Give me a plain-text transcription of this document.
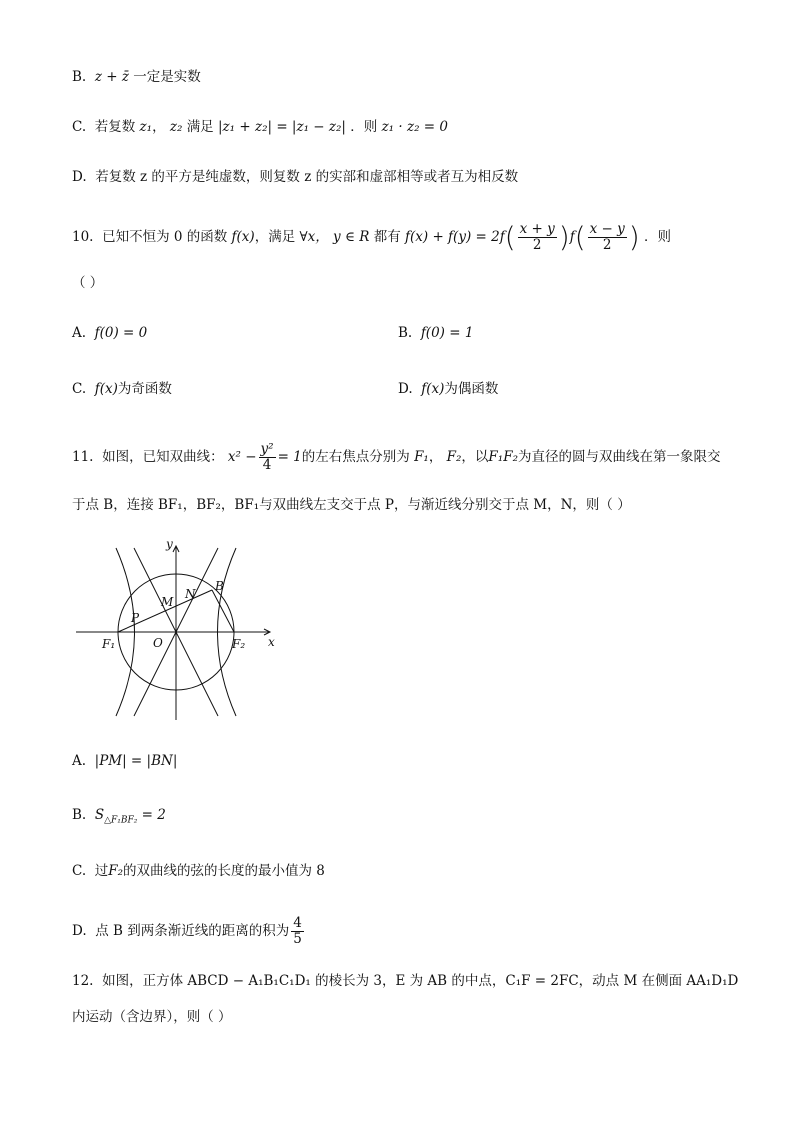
B. z + z̄ 一定是实数
C. 若复数 z₁， z₂ 满足 |z₁ + z₂| = |z₁ − z₂| ．则 z₁ · z₂ = 0
D. 若复数 z 的平方是纯虚数，则复数 z 的实部和虚部相等或者互为相反数
10. 已知不恒为 0 的函数 f(x)，满足 ∀x， y ∈ R 都有 $f(x) + f(y) = 2f( \frac{x + y}{2} )f( \frac{x - y}{2}$ ) ．则
（ ）
A. f(0) = 0	B. f(0) = 1
C. f(x)为奇函数	D. f(x)为偶函数
11. 如图，已知双曲线： $x^2 - \frac{\text{y²}}{4} = 1$的左右焦点分别为 F₁， F₂，以F₁F₂为直径的圆与双曲线在第一象限交
于点 B，连接 BF₁，BF₂，BF₁与双曲线左支交于点 P，与渐近线分别交于点 M，N，则（ ）
y
x
B
N
M
P
O
F₁	F₂
A. |PM| = |BN|
B. $S_{\triangle F_1BF_2} = 2$
C. 过F₂的双曲线的弦的长度的最小值为 8
D. 点 B 到两条渐近线的距离的积为 $\frac{4}{5}$
12. 如图，正方体 ABCD − A₁B₁C₁D₁ 的棱长为 3，E 为 AB 的中点，C₁F = 2FC，动点 M 在侧面 AA₁D₁D
内运动（含边界），则（ ）
